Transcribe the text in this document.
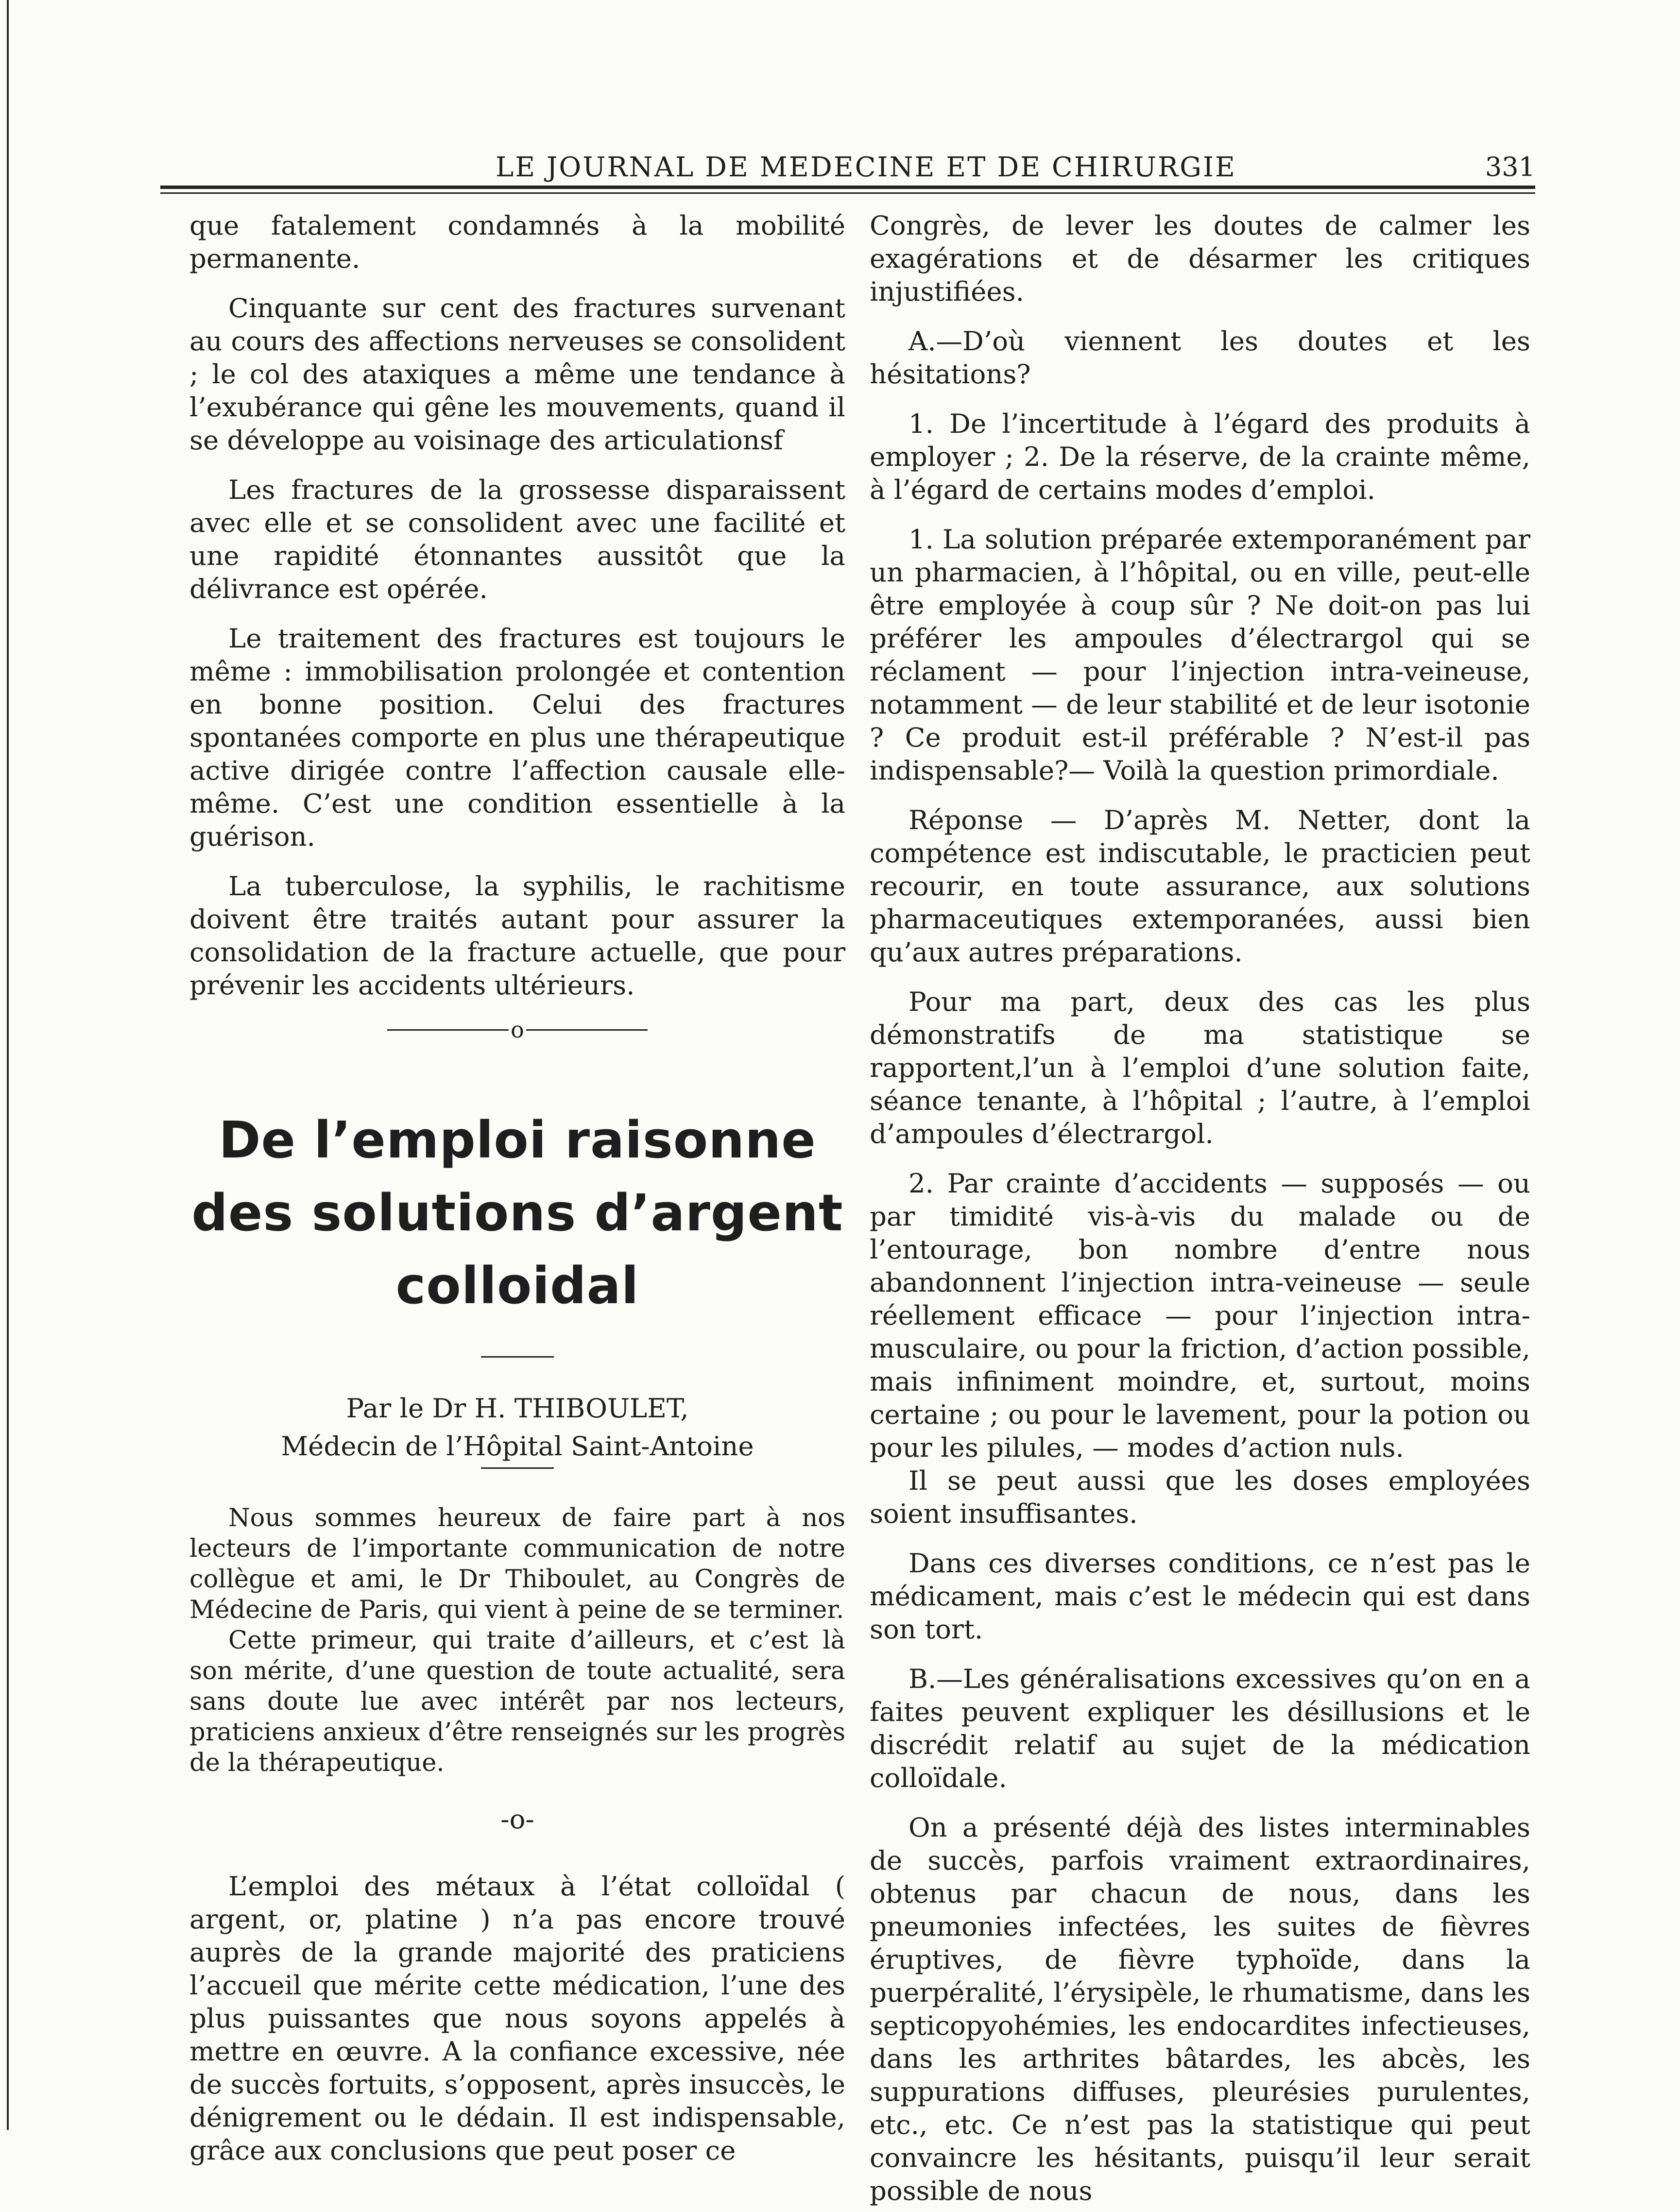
LE JOURNAL DE MEDECINE ET DE CHIRURGIE	331

que fatalement condamnés à la mobilité permanente.

Cinquante sur cent des fractures survenant au cours des affections nerveuses se consolident ; le col des ataxiques a même une tendance à l’exubérance qui gêne les mouvements, quand il se développe au voisinage des articulationsf

Les fractures de la grossesse disparaissent avec elle et se consolident avec une facilité et une rapidité étonnantes aussitôt que la délivrance est opérée.

Le traitement des fractures est toujours le même : immobilisation prolongée et contention en bonne position. Celui des fractures spontanées comporte en plus une thérapeutique active dirigée contre l’affection causale elle-même. C’est une condition essentielle à la guérison.

La tuberculose, la syphilis, le rachitisme doivent être traités autant pour assurer la consolidation de la fracture actuelle, que pour prévenir les accidents ultérieurs.

o
De l’emploi raisonne des solutions d’argent colloidal

Par le Dr H. THIBOULET,

Médecin de l’Hôpital Saint-Antoine

Nous sommes heureux de faire part à nos lecteurs de l’importante communication de notre collègue et ami, le Dr Thiboulet, au Congrès de Médecine de Paris, qui vient à peine de se terminer.

Cette primeur, qui traite d’ailleurs, et c’est là son mérite, d’une question de toute actualité, sera sans doute lue avec intérêt par nos lecteurs, praticiens anxieux d’être renseignés sur les progrès de la thérapeutique.

-o-

L’emploi des métaux à l’état colloïdal ( argent, or, platine ) n’a pas encore trouvé auprès de la grande majorité des praticiens l’accueil que mérite cette médication, l’une des plus puissantes que nous soyons appelés à mettre en œuvre. A la confiance excessive, née de succès fortuits, s’opposent, après insuccès, le dénigrement ou le dédain. Il est indispensable, grâce aux conclusions que peut poser ce

Congrès, de lever les doutes de calmer les exagérations et de désarmer les critiques injustifiées.

A.—D’où viennent les doutes et les hésitations?

1. De l’incertitude à l’égard des produits à employer ; 2. De la réserve, de la crainte même, à l’égard de certains modes d’emploi.

1. La solution préparée extemporanément par un pharmacien, à l’hôpital, ou en ville, peut-elle être employée à coup sûr ? Ne doit-on pas lui préférer les ampoules d’électrargol qui se réclament — pour l’injection intra-veineuse, notamment — de leur stabilité et de leur isotonie ? Ce produit est-il préférable ? N’est-il pas indispensable?— Voilà la question primordiale.

Réponse — D’après M. Netter, dont la compétence est indiscutable, le practicien peut recourir, en toute assurance, aux solutions pharmaceutiques extemporanées, aussi bien qu’aux autres préparations.

Pour ma part, deux des cas les plus démonstratifs de ma statistique se rapportent,l’un à l’emploi d’une solution faite, séance tenante, à l’hôpital ; l’autre, à l’emploi d’ampoules d’électrargol.

2. Par crainte d’accidents — supposés — ou par timidité vis-à-vis du malade ou de l’entourage, bon nombre d’entre nous abandonnent l’injection intra-veineuse — seule réellement efficace — pour l’injection intra-musculaire, ou pour la friction, d’action possible, mais infiniment moindre, et, surtout, moins certaine ; ou pour le lavement, pour la potion ou pour les pilules, — modes d’action nuls.

Il se peut aussi que les doses employées soient insuffisantes.

Dans ces diverses conditions, ce n’est pas le médicament, mais c’est le médecin qui est dans son tort.

B.—Les généralisations excessives qu’on en a faites peuvent expliquer les désillusions et le discrédit relatif au sujet de la médication colloïdale.

On a présenté déjà des listes interminables de succès, parfois vraiment extraordinaires, obtenus par chacun de nous, dans les pneumonies infectées, les suites de fièvres éruptives, de fièvre typhoïde, dans la puerpéralité, l’érysipèle, le rhumatisme, dans les septicopyohémies, les endocardites infectieuses, dans les arthrites bâtardes, les abcès, les suppurations diffuses, pleurésies purulentes, etc., etc. Ce n’est pas la statistique qui peut convaincre les hésitants, puisqu’il leur serait possible de nous
